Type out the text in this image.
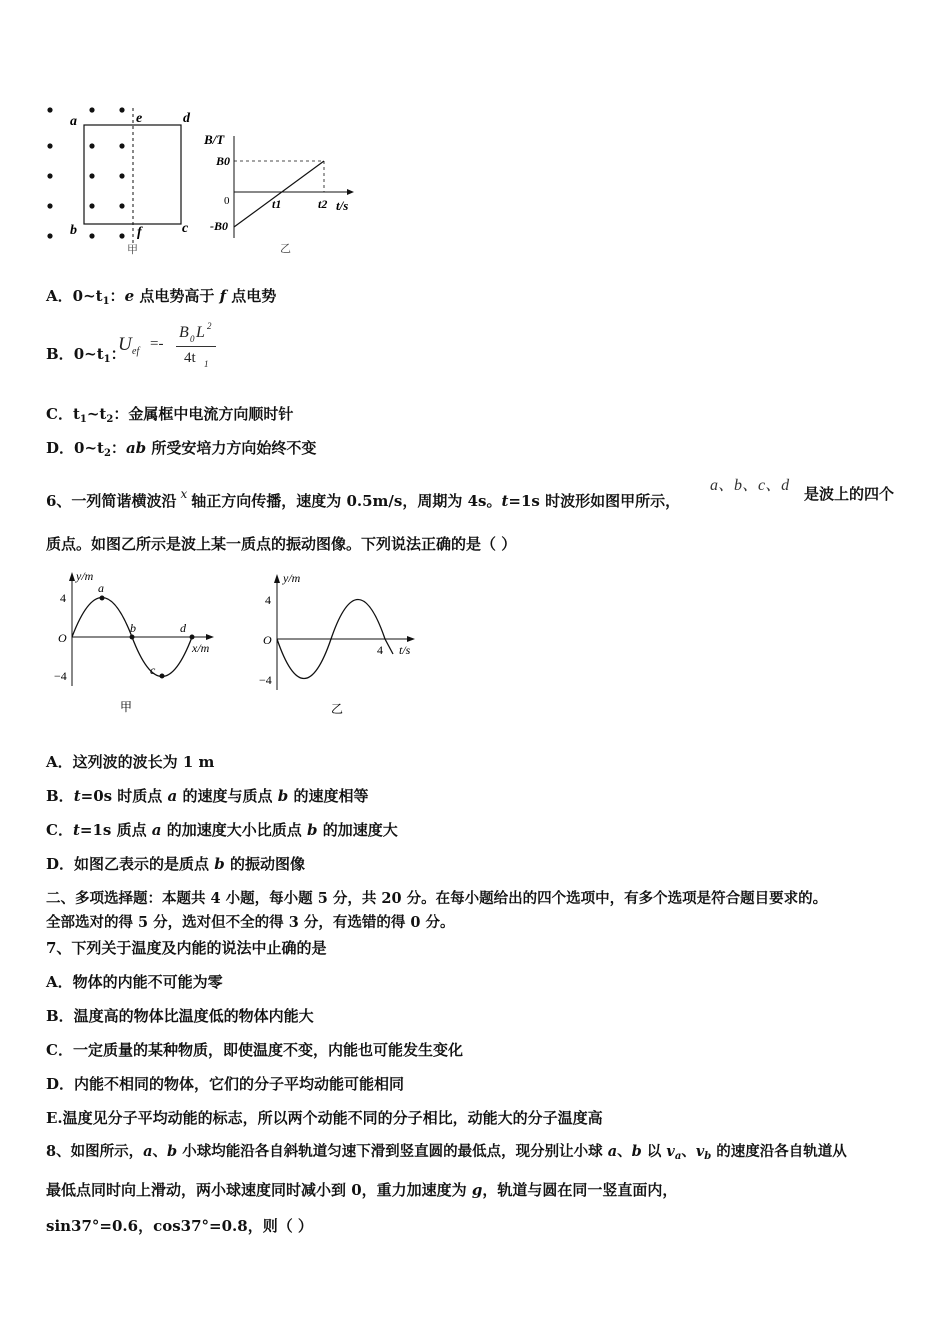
a	e	d
b	f	c
甲
B/T
B0
0
-B0
t1	t2 t/s
乙
A．$0\sim t_1$：e 点电势高于 f 点电势
B．$0\sim t_1$：
U ef =-
B 0 L 2
4t 1
C．$t_1\sim t_2$：金属框中电流方向顺时针
D．$0\sim t_2$：ab 所受安培力方向始终不变
6、一列简谐横波沿 $^x$ 轴正方向传播，速度为 0.5m/s，周期为 4s。t=1s 时波形如图甲所示，
a、b、c、d 是波上的四个
质点。如图乙所示是波上某一质点的振动图像。下列说法正确的是（ ）
y/m
4
O
−4
x/m
a
b
c
d
甲
y/m
4
O
−4
4 t/s
乙
A．这列波的波长为 1 m
B．t=0s 时质点 a 的速度与质点 b 的速度相等
C．t=1s 质点 a 的加速度大小比质点 b 的加速度大
D．如图乙表示的是质点 b 的振动图像
二、多项选择题：本题共 4 小题，每小题 5 分，共 20 分。在每小题给出的四个选项中，有多个选项是符合题目要求的。
全部选对的得 5 分，选对但不全的得 3 分，有选错的得 0 分。
7、下列关于温度及内能的说法中止确的是
A．物体的内能不可能为零
B．温度高的物体比温度低的物体内能大
C．一定质量的某种物质，即使温度不变，内能也可能发生变化
D．内能不相同的物体，它们的分子平均动能可能相同
E.温度见分子平均动能的标志，所以两个动能不同的分子相比，动能大的分子温度高
8、如图所示，a、b 小球均能沿各自斜轨道匀速下滑到竖直圆的最低点，现分别让小球 a、b 以 $v_a$、$v_b$ 的速度沿各自轨道从
最低点同时向上滑动，两小球速度同时减小到 0，重力加速度为 g，轨道与圆在同一竖直面内，
sin37°=0.6，cos37°=0.8，则（ ）
